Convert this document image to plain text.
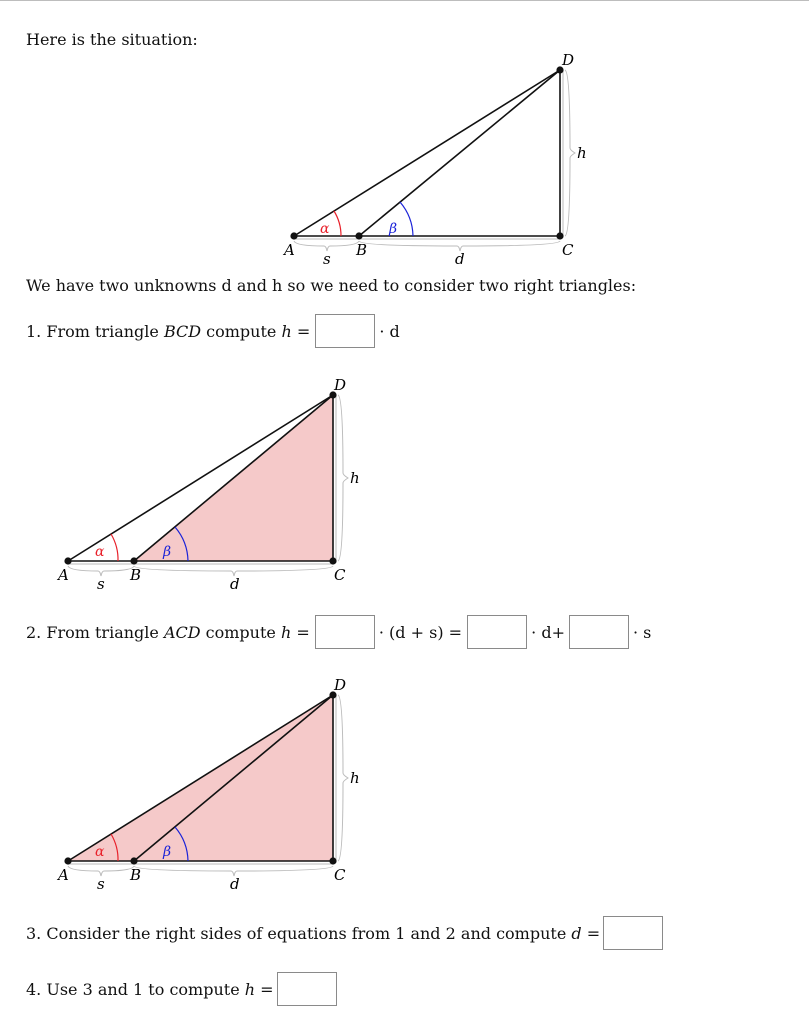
Here is the situation:
A	B	C
D
s	d
h
α	β
We have two unknowns d and h so we need to consider two right triangles:
1.
From triangle BCD compute h =
	· d
A	B	C
D
s	d
h
α	β
2.
From triangle ACD compute h =
	· (d + s) =
	· d+	· s
A	B	C
D
s	d
h
α	β
3. Consider the right sides of equations from 1 and 2 and compute d =
4. Use 3 and 1 to compute h =
